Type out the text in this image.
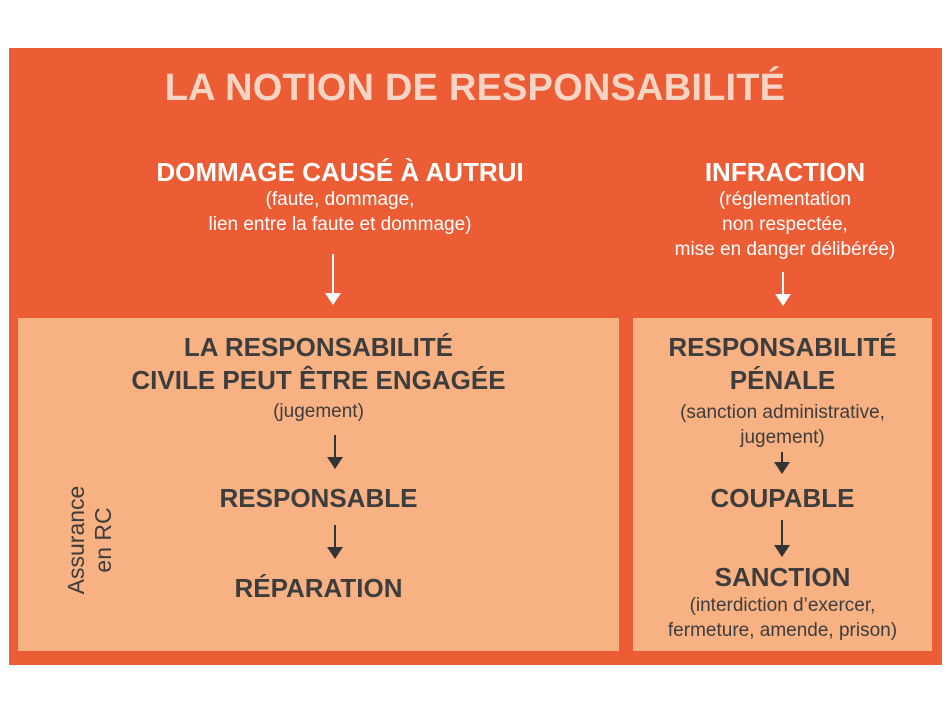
LA NOTION DE RESPONSABILITÉ
DOMMAGE CAUSÉ À AUTRUI
(faute, dommage,
lien entre la faute et dommage)
INFRACTION
(réglementation
non respectée,
mise en danger délibérée)
LA RESPONSABILITÉ
CIVILE PEUT ÊTRE ENGAGÉE
(jugement)
RESPONSABLE
RÉPARATION
Assurance en RC
RESPONSABILITÉ
PÉNALE
(sanction administrative,
jugement)
COUPABLE
SANCTION
(interdiction d’exercer,
fermeture, amende, prison)
